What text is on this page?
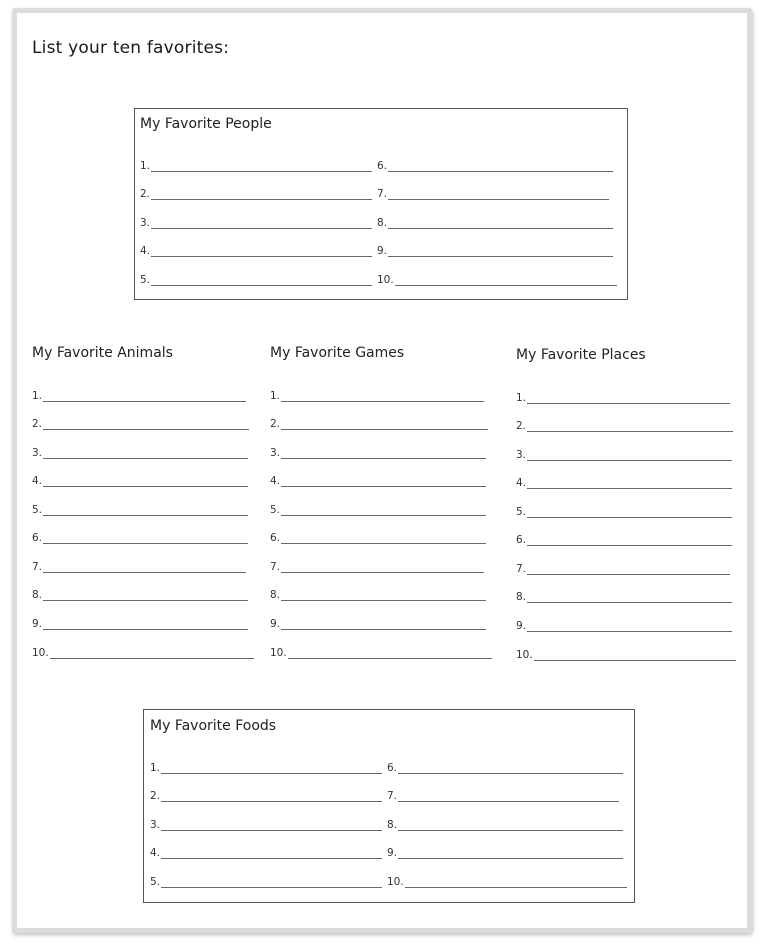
List your ten favorites:
My Favorite People
1.
2.
3.
4.
5.
6.
7.
8.
9.
10.
My Favorite Animals
1.
2.
3.
4.
5.
6.
7.
8.
9.
10.
My Favorite Games
1.
2.
3.
4.
5.
6.
7.
8.
9.
10.
My Favorite Places
1.
2.
3.
4.
5.
6.
7.
8.
9.
10.
My Favorite Foods
1.
2.
3.
4.
5.
6.
7.
8.
9.
10.
